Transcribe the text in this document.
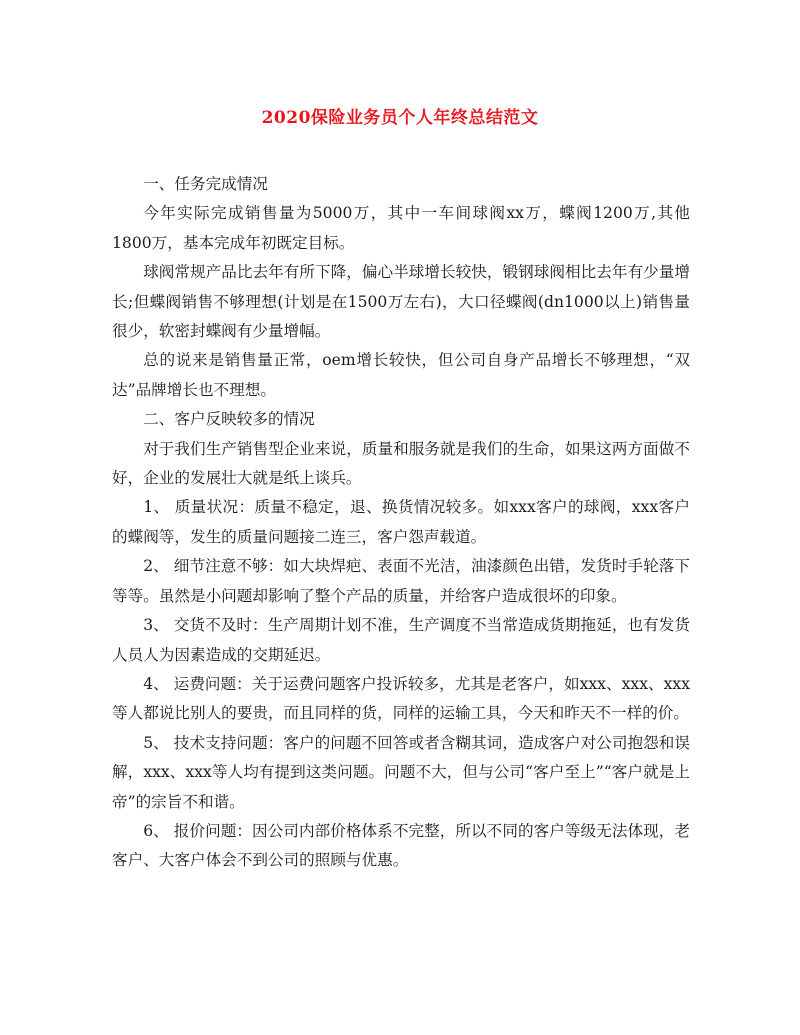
2020保险业务员个人年终总结范文

一、任务完成情况

今年实际完成销售量为5000万，其中一车间球阀xx万，蝶阀1200万,其他1800万，基本完成年初既定目标。

球阀常规产品比去年有所下降，偏心半球增长较快，锻钢球阀相比去年有少量增长;但蝶阀销售不够理想(计划是在1500万左右)，大口径蝶阀(dn1000以上)销售量很少，软密封蝶阀有少量增幅。

总的说来是销售量正常，oem增长较快，但公司自身产品增长不够理想，“双达”品牌增长也不理想。

二、客户反映较多的情况

对于我们生产销售型企业来说，质量和服务就是我们的生命，如果这两方面做不好，企业的发展壮大就是纸上谈兵。

1、 质量状况：质量不稳定，退、换货情况较多。如xxx客户的球阀，xxx客户的蝶阀等，发生的质量问题接二连三，客户怨声载道。

2、 细节注意不够：如大块焊疤、表面不光洁，油漆颜色出错，发货时手轮落下等等。虽然是小问题却影响了整个产品的质量，并给客户造成很坏的印象。

3、 交货不及时：生产周期计划不准，生产调度不当常造成货期拖延，也有发货人员人为因素造成的交期延迟。

4、 运费问题：关于运费问题客户投诉较多，尤其是老客户，如xxx、xxx、xxx等人都说比别人的要贵，而且同样的货，同样的运输工具，今天和昨天不一样的价。

5、 技术支持问题：客户的问题不回答或者含糊其词，造成客户对公司抱怨和误解，xxx、xxx等人均有提到这类问题。问题不大，但与公司“客户至上”“客户就是上帝”的宗旨不和谐。

6、 报价问题：因公司内部价格体系不完整，所以不同的客户等级无法体现，老客户、大客户体会不到公司的照顾与优惠。
